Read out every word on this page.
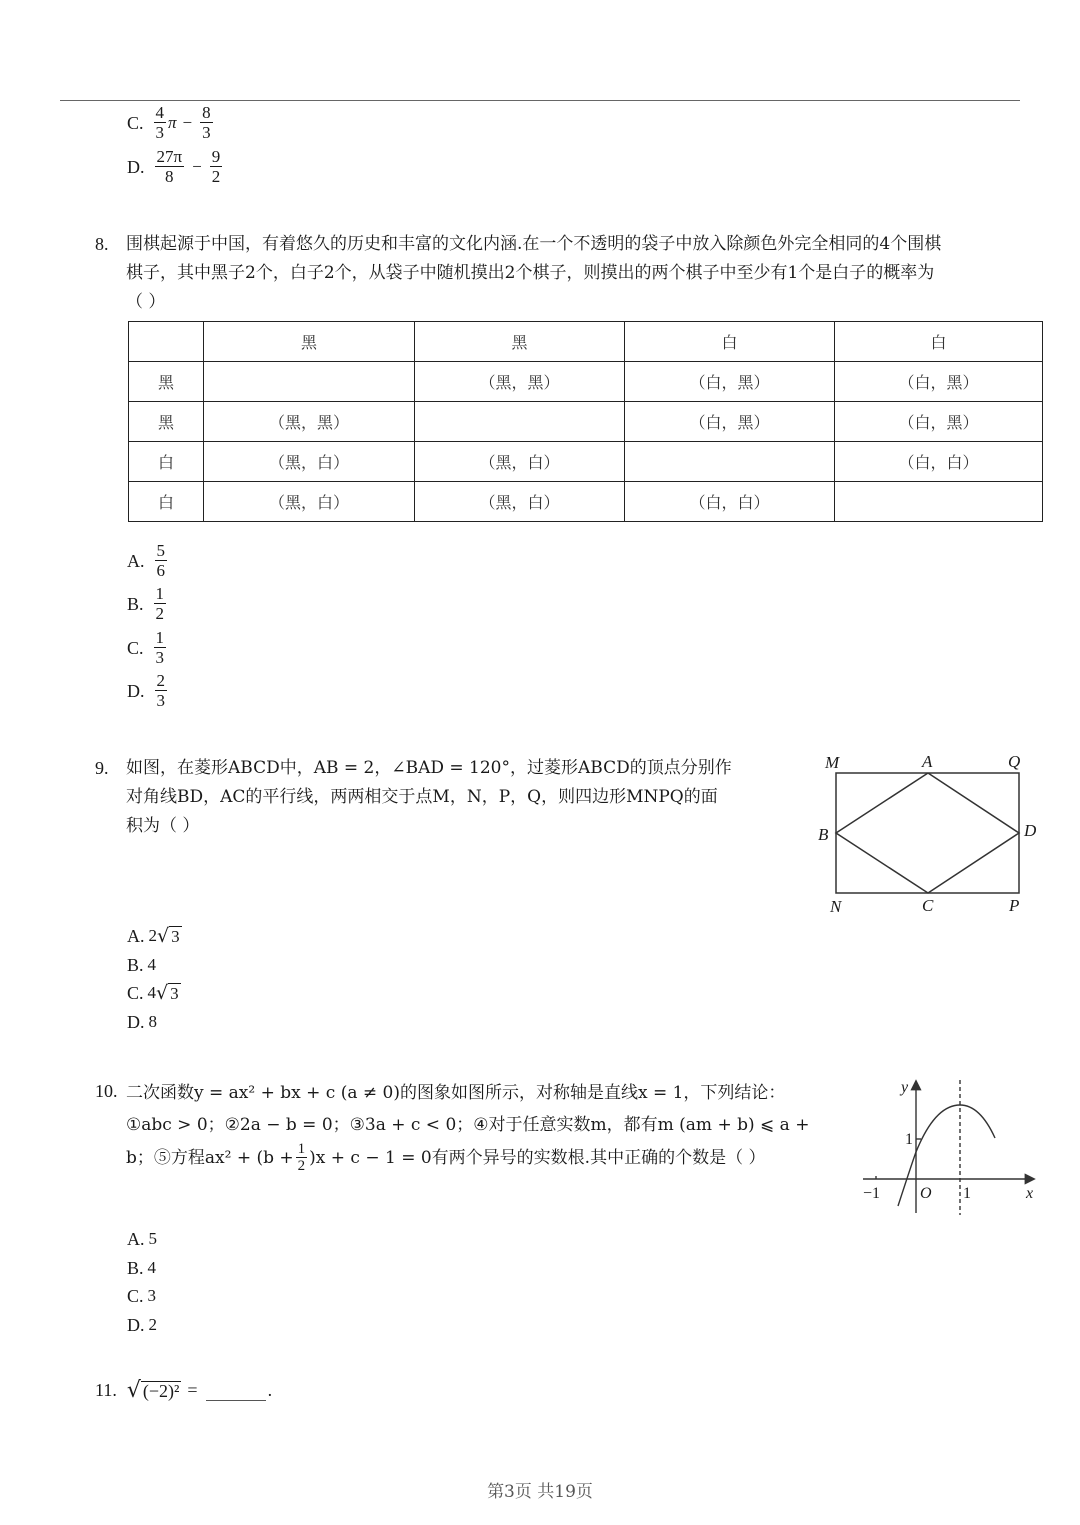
C. $\frac{4}{3}$ $\pi - \frac{8}{3}$
D. $\frac{27\pi}{8} - \frac{9}{2}$
8. 围棋起源于中国，有着悠久的历史和丰富的文化内涵.在一个不透明的袋子中放入除颜色外完全相同的4个围棋
棋子，其中黑子2个，白子2个，从袋子中随机摸出2个棋子，则摸出的两个棋子中至少有1个是白子的概率为
（ ）
	黑	黑	白	白
黑		（黑，黑）	（白，黑）	（白，黑）
黑	（黑，黑）		（白，黑）	（白，黑）
白	（黑，白）	（黑，白）		（白，白）
白	（黑，白）	（黑，白）	（白，白）	
A. $\frac{5}{6}$
B. $\frac{1}{2}$
C. $\frac{1}{3}$
D. $\frac{2}{3}$
9. 如图，在菱形ABCD中，AB = 2，∠BAD = 120°，过菱形ABCD的顶点分别作
对角线BD，AC的平行线，两两相交于点M，N，P，Q，则四边形MNPQ的面
积为（ ）
M	A	Q
B	D
N	C	P
A. 2 √ 3
B. 4
C. 4 √ 3
D. 8
10. 二次函数y = ax² + bx + c (a ≠ 0)的图象如图所示，对称轴是直线x = 1，下列结论：
①abc > 0；②2a − b = 0；③3a + c < 0；④对于任意实数m，都有m (am + b) ⩽ a +
b；⑤方程$ax^2 + (b + \frac{1}{2} )x + c - 1 = 0$有两个异号的实数根.其中正确的个数是（ ）
y
x
O
1
−1	1
A. 5
B. 4
C. 3
D. 2
11. √ (−2)² =	.
第3页 共19页
